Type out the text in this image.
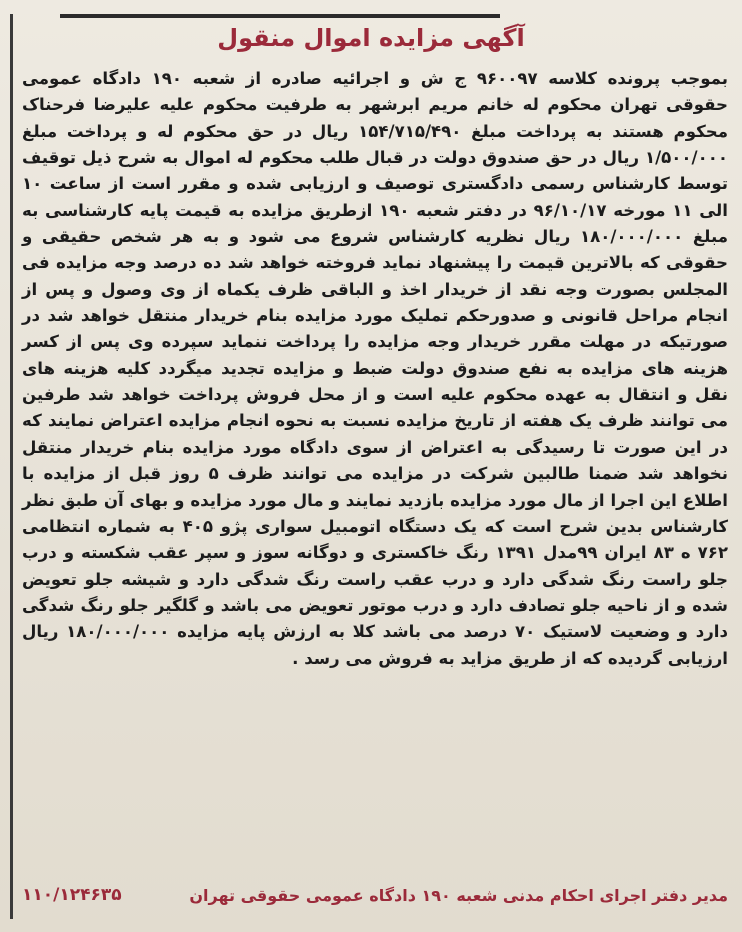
آگهی مزایده اموال منقول
بموجب پرونده کلاسه ۹۶۰۰۹۷ ج ش و اجرائیه صادره از شعبه ۱۹۰ دادگاه عمومی حقوقی تهران محکوم له خانم مریم ابرشهر به طرفیت محکوم علیه علیرضا فرحناک محکوم هستند به پرداخت مبلغ ۱۵۴/۷۱۵/۴۹۰ ریال در حق محکوم له و پرداخت مبلغ ۱/۵۰۰/۰۰۰ ریال در حق صندوق دولت در قبال طلب محکوم له اموال به شرح ذیل توقیف توسط کارشناس رسمی دادگستری توصیف و ارزیابی شده و مقرر است از ساعت ۱۰ الی ۱۱ مورخه ۹۶/۱۰/۱۷ در دفتر شعبه ۱۹۰ ازطریق مزایده به قیمت پایه کارشناسی به مبلغ ۱۸۰/۰۰۰/۰۰۰ ریال نظریه کارشناس شروع می شود و به هر شخص حقیقی و حقوقی که بالاترین قیمت را پیشنهاد نماید فروخته خواهد شد ده درصد وجه مزایده فی المجلس بصورت وجه نقد از خریدار اخذ و الباقی ظرف یکماه از وی وصول و پس از انجام مراحل قانونی و صدورحکم تملیک مورد مزایده بنام خریدار منتقل خواهد شد در صورتیکه در مهلت مقرر خریدار وجه مزایده را پرداخت ننماید سپرده وی پس از کسر هزینه های مزایده به نفع صندوق دولت ضبط و مزایده تجدید میگردد کلیه هزینه های نقل و انتقال به عهده محکوم علیه است و از محل فروش پرداخت خواهد شد طرفین می توانند ظرف یک هفته از تاریخ مزایده نسبت به نحوه انجام مزایده اعتراض نمایند که در این صورت تا رسیدگی به اعتراض از سوی دادگاه مورد مزایده بنام خریدار منتقل نخواهد شد ضمنا طالبین شرکت در مزایده می توانند ظرف ۵ روز قبل از مزایده با اطلاع این اجرا از مال مورد مزایده بازدید نمایند و مال مورد مزایده و بهای آن طبق نظر کارشناس بدین شرح است که یک دستگاه اتومبیل سواری پژو ۴۰۵ به شماره انتظامی ۷۶۲ ه ۸۳ ایران ۹۹مدل ۱۳۹۱ رنگ خاکستری و دوگانه سوز و سپر عقب شکسته و درب جلو راست رنگ شدگی دارد و درب عقب راست رنگ شدگی دارد و شیشه جلو تعویض شده و از ناحیه جلو تصادف دارد و درب موتور تعویض می باشد و گلگیر جلو رنگ شدگی دارد و وضعیت لاستیک ۷۰ درصد می باشد کلا به ارزش پایه مزایده ۱۸۰/۰۰۰/۰۰۰ ریال ارزیابی گردیده که از طریق مزاید به فروش می رسد .
مدیر دفتر اجرای احکام مدنی شعبه ۱۹۰ دادگاه عمومی حقوقی تهران
۱۱۰/۱۲۴۶۳۵
